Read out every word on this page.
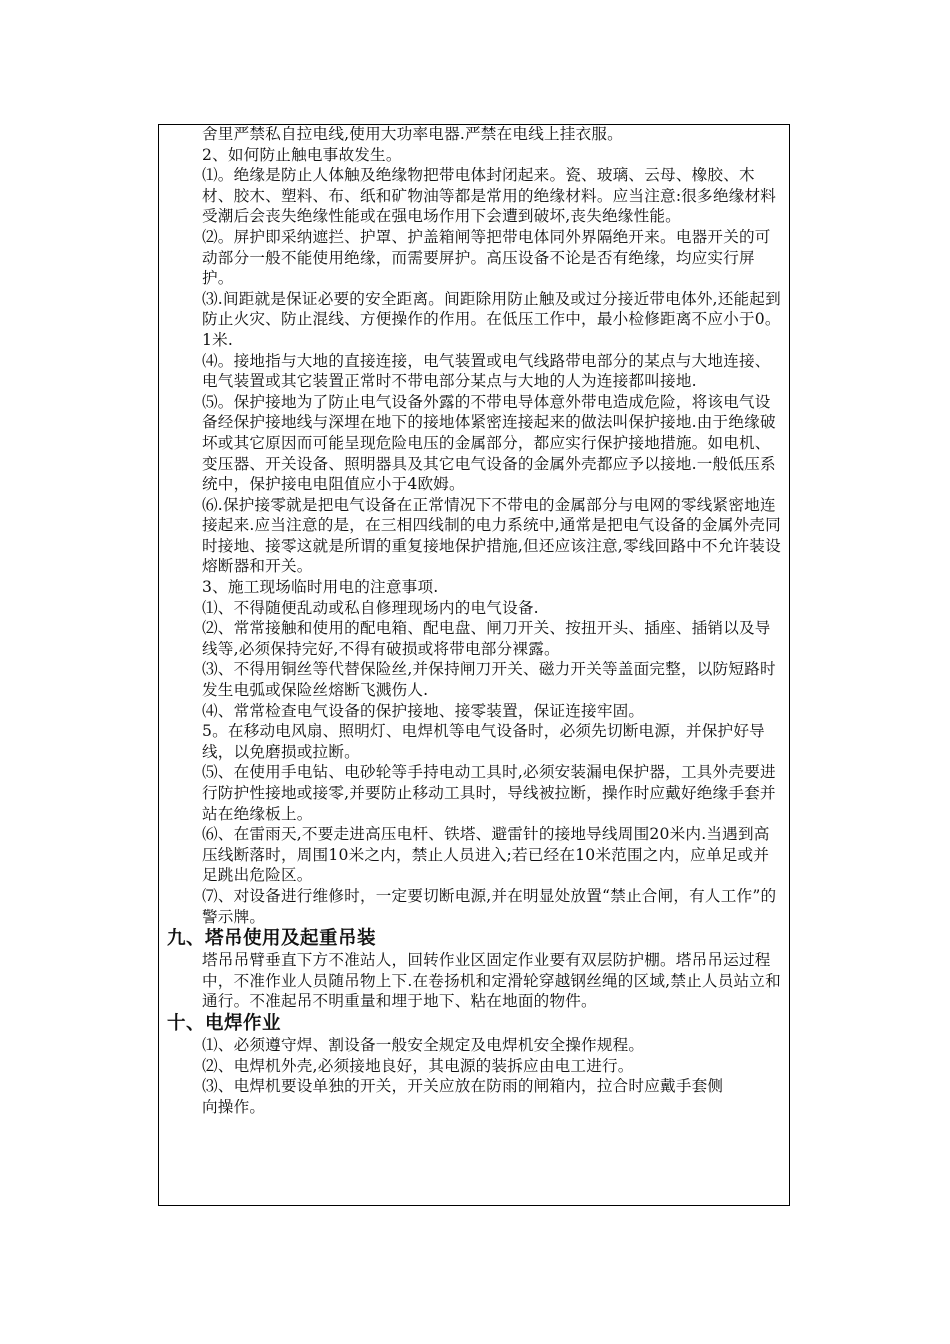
舍里严禁私自拉电线,使用大功率电器.严禁在电线上挂衣服。

2、如何防止触电事故发生。

⑴。绝缘是防止人体触及绝缘物把带电体封闭起来。瓷、玻璃、云母、橡胶、木材、胶木、塑料、布、纸和矿物油等都是常用的绝缘材料。应当注意:很多绝缘材料受潮后会丧失绝缘性能或在强电场作用下会遭到破坏,丧失绝缘性能。

⑵。屏护即采纳遮拦、护罩、护盖箱闸等把带电体同外界隔绝开来。电器开关的可动部分一般不能使用绝缘，而需要屏护。高压设备不论是否有绝缘，均应实行屏护。

⑶.间距就是保证必要的安全距离。间距除用防止触及或过分接近带电体外,还能起到防止火灾、防止混线、方便操作的作用。在低压工作中，最小检修距离不应小于0。1米.

⑷。接地指与大地的直接连接，电气装置或电气线路带电部分的某点与大地连接、电气装置或其它装置正常时不带电部分某点与大地的人为连接都叫接地.

⑸。保护接地为了防止电气设备外露的不带电导体意外带电造成危险，将该电气设备经保护接地线与深埋在地下的接地体紧密连接起来的做法叫保护接地.由于绝缘破坏或其它原因而可能呈现危险电压的金属部分，都应实行保护接地措施。如电机、变压器、开关设备、照明器具及其它电气设备的金属外壳都应予以接地.一般低压系统中，保护接电电阻值应小于4欧姆。

⑹.保护接零就是把电气设备在正常情况下不带电的金属部分与电网的零线紧密地连接起来.应当注意的是，在三相四线制的电力系统中,通常是把电气设备的金属外壳同时接地、接零这就是所谓的重复接地保护措施,但还应该注意,零线回路中不允许装设熔断器和开关。

3、施工现场临时用电的注意事项.

⑴、不得随便乱动或私自修理现场内的电气设备.

⑵、常常接触和使用的配电箱、配电盘、闸刀开关、按扭开头、插座、插销以及导线等,必须保持完好,不得有破损或将带电部分裸露。

⑶、不得用铜丝等代替保险丝,并保持闸刀开关、磁力开关等盖面完整，以防短路时发生电弧或保险丝熔断飞溅伤人.

⑷、常常检查电气设备的保护接地、接零装置，保证连接牢固。

5。在移动电风扇、照明灯、电焊机等电气设备时，必须先切断电源，并保护好导线，以免磨损或拉断。

⑸、在使用手电钻、电砂轮等手持电动工具时,必须安装漏电保护器，工具外壳要进行防护性接地或接零,并要防止移动工具时，导线被拉断，操作时应戴好绝缘手套并站在绝缘板上。

⑹、在雷雨天,不要走进高压电杆、铁塔、避雷针的接地导线周围20米内.当遇到高压线断落时，周围10米之内，禁止人员进入;若已经在10米范围之内，应单足或并足跳出危险区。

⑺、对设备进行维修时，一定要切断电源,并在明显处放置“禁止合闸，有人工作”的警示牌。

九、塔吊使用及起重吊装

塔吊吊臂垂直下方不准站人，回转作业区固定作业要有双层防护棚。塔吊吊运过程中，不准作业人员随吊物上下.在卷扬机和定滑轮穿越钢丝绳的区域,禁止人员站立和通行。不准起吊不明重量和埋于地下、粘在地面的物件。

十、电焊作业

⑴、必须遵守焊、割设备一般安全规定及电焊机安全操作规程。

⑵、电焊机外壳,必须接地良好，其电源的装拆应由电工进行。

⑶、电焊机要设单独的开关，开关应放在防雨的闸箱内，拉合时应戴手套侧

向操作。
